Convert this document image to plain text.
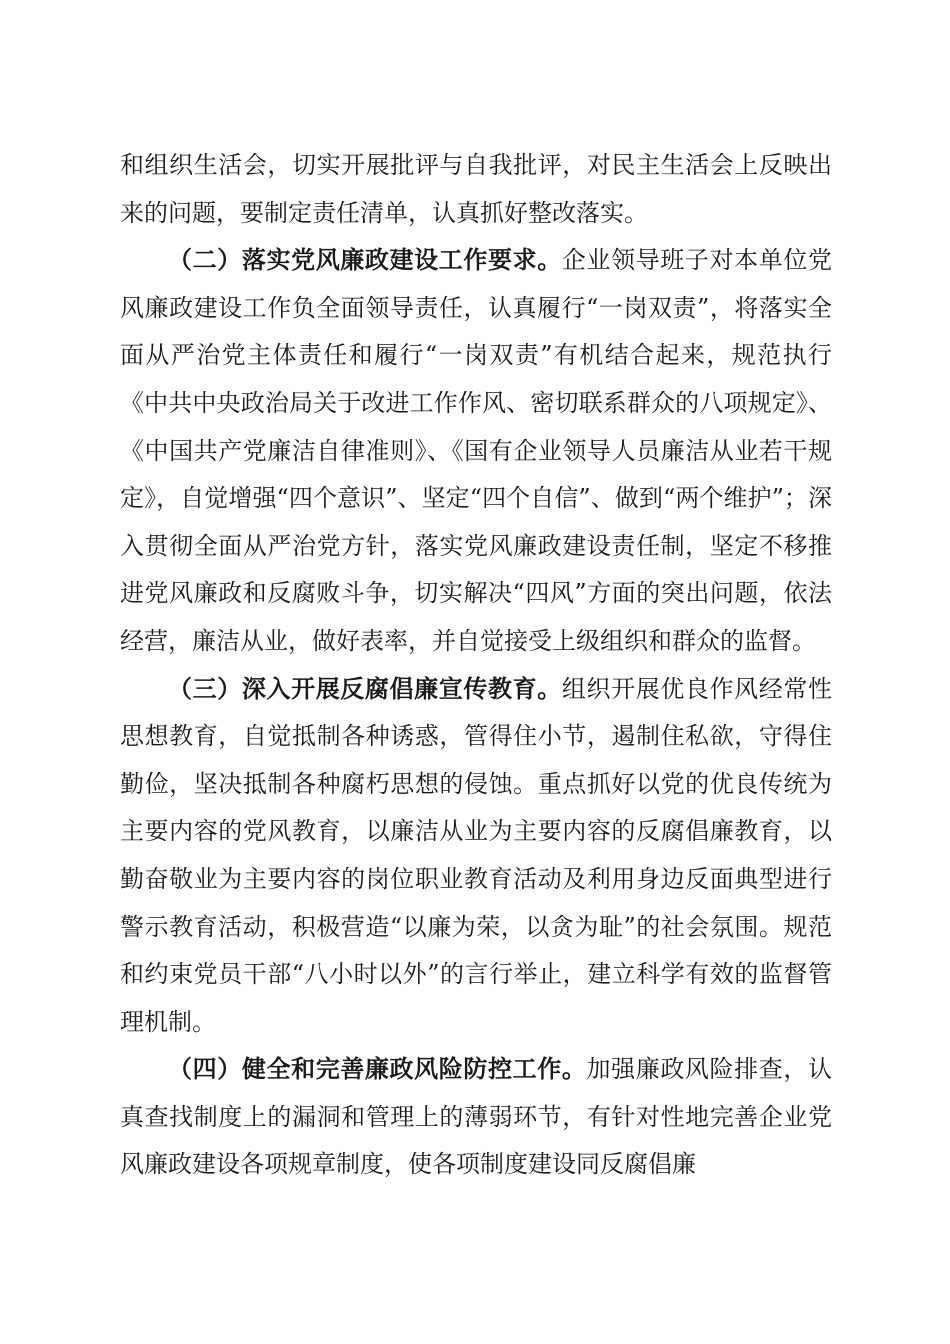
和组织生活会，切实开展批评与自我批评，对民主生活会上反映出来的问题，要制定责任清单，认真抓好整改落实。

（二）落实党风廉政建设工作要求。企业领导班子对本单位党风廉政建设工作负全面领导责任，认真履行“一岗双责”，将落实全面从严治党主体责任和履行“一岗双责”有机结合起来，规范执行《中共中央政治局关于改进工作作风、密切联系群众的八项规定》、《中国共产党廉洁自律准则》、《国有企业领导人员廉洁从业若干规定》，自觉增强“四个意识”、坚定“四个自信”、做到“两个维护”；深入贯彻全面从严治党方针，落实党风廉政建设责任制，坚定不移推进党风廉政和反腐败斗争，切实解决“四风”方面的突出问题，依法经营，廉洁从业，做好表率，并自觉接受上级组织和群众的监督。

（三）深入开展反腐倡廉宣传教育。组织开展优良作风经常性思想教育，自觉抵制各种诱惑，管得住小节，遏制住私欲，守得住勤俭，坚决抵制各种腐朽思想的侵蚀。重点抓好以党的优良传统为主要内容的党风教育，以廉洁从业为主要内容的反腐倡廉教育，以勤奋敬业为主要内容的岗位职业教育活动及利用身边反面典型进行警示教育活动，积极营造“以廉为荣，以贪为耻”的社会氛围。规范和约束党员干部“八小时以外”的言行举止，建立科学有效的监督管理机制。

（四）健全和完善廉政风险防控工作。加强廉政风险排查，认真查找制度上的漏洞和管理上的薄弱环节，有针对性地完善企业党风廉政建设各项规章制度，使各项制度建设同反腐倡廉
